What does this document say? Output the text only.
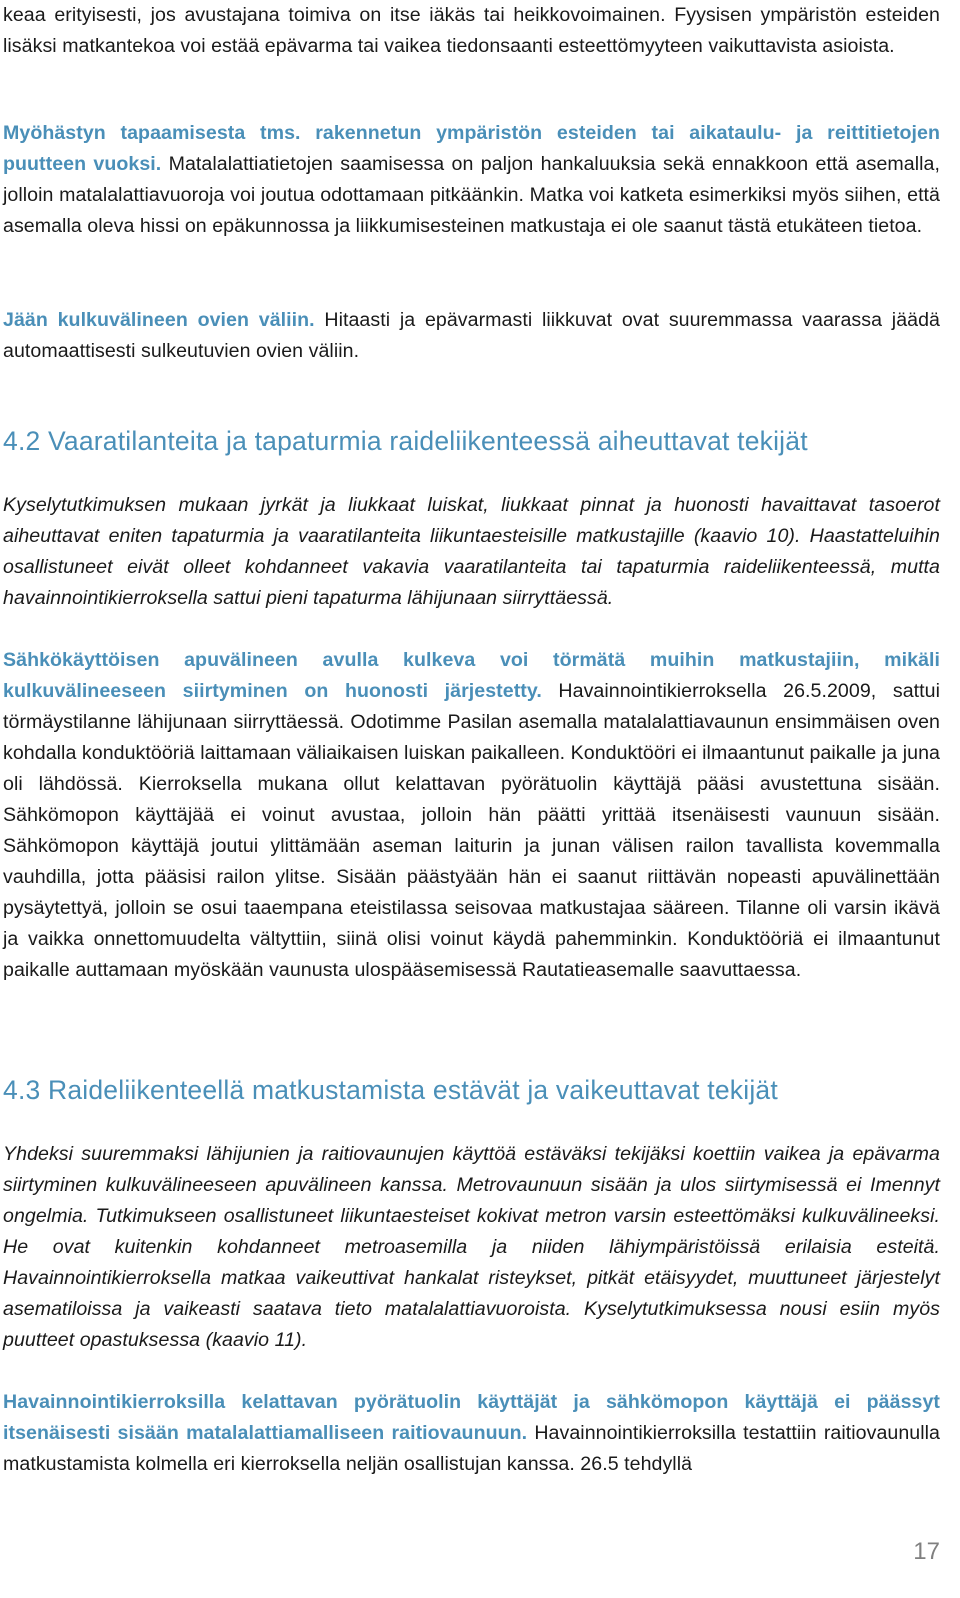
keaa erityisesti, jos avustajana toimiva on itse iäkäs tai heikkovoimainen. Fyysisen ympäristön esteiden lisäksi matkantekoa voi estää epävarma tai vaikea tiedonsaanti esteettömyyteen vaikuttavista asioista.

Myöhästyn tapaamisesta tms. rakennetun ympäristön esteiden tai aikataulu- ja reittitietojen puutteen vuoksi. Matalalattiatietojen saamisessa on paljon hankaluuksia sekä ennakkoon että asemalla, jolloin matalalattiavuoroja voi joutua odottamaan pitkäänkin. Matka voi katketa esimerkiksi myös siihen, että asemalla oleva hissi on epäkunnossa ja liikkumisesteinen matkustaja ei ole saanut tästä etukäteen tietoa.

Jään kulkuvälineen ovien väliin. Hitaasti ja epävarmasti liikkuvat ovat suuremmassa vaarassa jäädä automaattisesti sulkeutuvien ovien väliin.

4.2 Vaaratilanteita ja tapaturmia raideliikenteessä aiheuttavat tekijät

Kyselytutkimuksen mukaan jyrkät ja liukkaat luiskat, liukkaat pinnat ja huonosti havaittavat tasoerot aiheuttavat eniten tapaturmia ja vaaratilanteita liikuntaesteisille matkustajille (kaavio 10). Haastatteluihin osallistuneet eivät olleet kohdanneet vakavia vaaratilanteita tai tapaturmia raideliikenteessä, mutta havainnointikierroksella sattui pieni tapaturma lähijunaan siirryttäessä.

Sähkökäyttöisen apuvälineen avulla kulkeva voi törmätä muihin matkustajiin, mikäli kulkuvälineeseen siirtyminen on huonosti järjestetty. Havainnointikierroksella 26.5.2009, sattui törmäystilanne lähijunaan siirryttäessä. Odotimme Pasilan asemalla matalalattiavaunun ensimmäisen oven kohdalla konduktööriä laittamaan väliaikaisen luiskan paikalleen. Konduktööri ei ilmaantunut paikalle ja juna oli lähdössä. Kierroksella mukana ollut kelattavan pyörätuolin käyttäjä pääsi avustettuna sisään. Sähkömopon käyttäjää ei voinut avustaa, jolloin hän päätti yrittää itsenäisesti vaunuun sisään. Sähkömopon käyttäjä joutui ylittämään aseman laiturin ja junan välisen railon tavallista kovemmalla vauhdilla, jotta pääsisi railon ylitse. Sisään päästyään hän ei saanut riittävän nopeasti apuvälinettään pysäytettyä, jolloin se osui taaempana eteistilassa seisovaa matkustajaa sääreen. Tilanne oli varsin ikävä ja vaikka onnettomuudelta vältyttiin, siinä olisi voinut käydä pahemminkin. Konduktööriä ei ilmaantunut paikalle auttamaan myöskään vaunusta ulospääsemisessä Rautatieasemalle saavuttaessa.

4.3 Raideliikenteellä matkustamista estävät ja vaikeuttavat tekijät

Yhdeksi suuremmaksi lähijunien ja raitiovaunujen käyttöä estäväksi tekijäksi koettiin vaikea ja epävarma siirtyminen kulkuvälineeseen apuvälineen kanssa. Metrovaunuun sisään ja ulos siirtymisessä ei Imennyt ongelmia. Tutkimukseen osallistuneet liikuntaesteiset kokivat metron varsin esteettömäksi kulkuvälineeksi. He ovat kuitenkin kohdanneet metroasemilla ja niiden lähiympäristöissä erilaisia esteitä. Havainnointikierroksella matkaa vaikeuttivat hankalat risteykset, pitkät etäisyydet, muuttuneet järjestelyt asematiloissa ja vaikeasti saatava tieto matalalattiavuoroista. Kyselytutkimuksessa nousi esiin myös puutteet opastuksessa (kaavio 11).

Havainnointikierroksilla kelattavan pyörätuolin käyttäjät ja sähkömopon käyttäjä ei päässyt itsenäisesti sisään matalalattiamalliseen raitiovaunuun. Havainnointikierroksilla testattiin raitiovaunulla matkustamista kolmella eri kierroksella neljän osallistujan kanssa. 26.5 tehdyllä

17
